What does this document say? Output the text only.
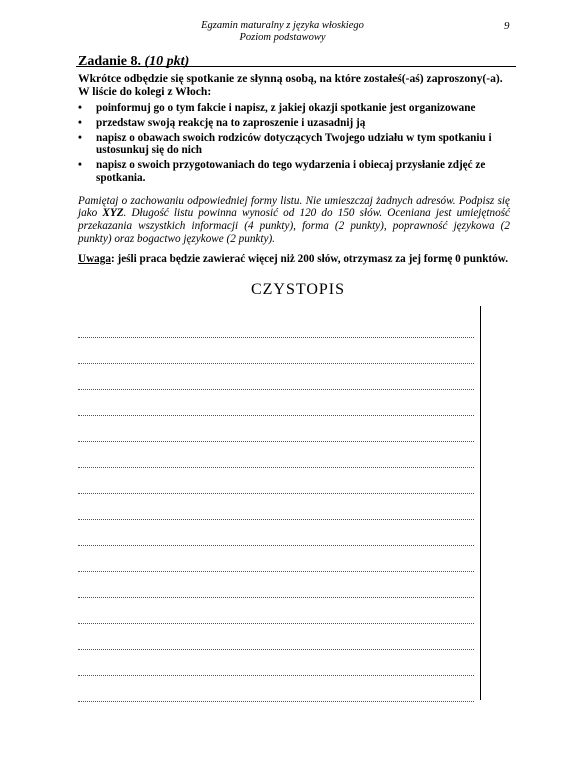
Egzamin maturalny z języka włoskiego
Poziom podstawowy
9

Zadanie 8. (10 pkt)

Wkrótce odbędzie się spotkanie ze słynną osobą, na które zostałeś(-aś) zaproszony(-a).
W liście do kolegi z Włoch:

• poinformuj go o tym fakcie i napisz, z jakiej okazji spotkanie jest organizowane
• przedstaw swoją reakcję na to zaproszenie i uzasadnij ją
• napisz o obawach swoich rodziców dotyczących Twojego udziału w tym spotkaniu i ustosunkuj się do nich
• napisz o swoich przygotowaniach do tego wydarzenia i obiecaj przysłanie zdjęć ze spotkania.

Pamiętaj o zachowaniu odpowiedniej formy listu. Nie umieszczaj żadnych adresów. Podpisz się jako XYZ. Długość listu powinna wynosić od 120 do 150 słów. Oceniana jest umiejętność przekazania wszystkich informacji (4 punkty), forma (2 punkty), poprawność językowa (2 punkty) oraz bogactwo językowe (2 punkty).

Uwaga: jeśli praca będzie zawierać więcej niż 200 słów, otrzymasz za jej formę 0 punktów.

CZYSTOPIS
